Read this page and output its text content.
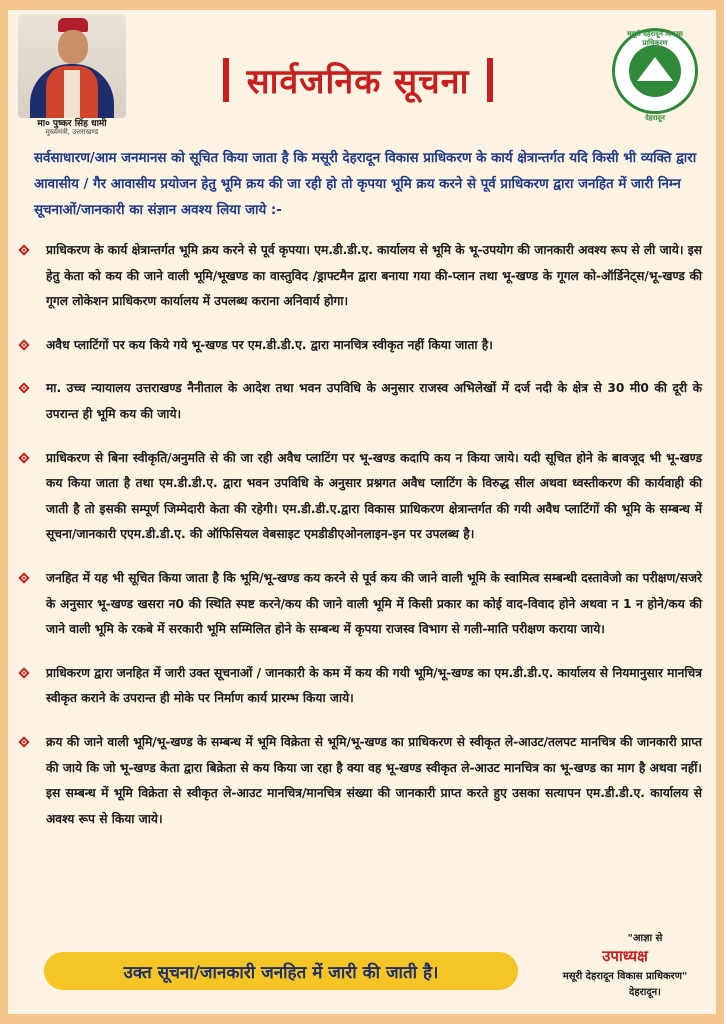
मा० पुष्कर सिंह धामी
मुख्यमंत्री, उत्तराखण्ड
सार्वजनिक सूचना
मसूरी देहरादून विकास प्राधिकरण
देहरादून

सर्वसाधारण/आम जनमानस को सूचित किया जाता है कि मसूरी देहरादून विकास प्राधिकरण के कार्य क्षेत्रान्तर्गत यदि किसी भी व्यक्ति द्वारा आवासीय / गैर आवासीय प्रयोजन हेतु भूमि क्रय की जा रही हो तो कृपया भूमि क्रय करने से पूर्व प्राधिकरण द्वारा जनहित में जारी निम्न सूचनाओं/जानकारी का संज्ञान अवश्य लिया जाये :-

प्राधिकरण के कार्य क्षेत्रान्तर्गत भूमि क्रय करने से पूर्व कृपया। एम.डी.डी.ए. कार्यालय से भूमि के भू-उपयोग की जानकारी अवश्य रूप से ली जाये। इस हेतु केता को कय की जाने वाली भूमि/भूखण्ड का वास्तुविद /ड्राफ्टमैन द्वारा बनाया गया की-प्लान तथा भू-खण्ड के गूगल को-ऑर्डिनेट्स/भू-खण्ड की गूगल लोकेशन प्राधिकरण कार्यालय में उपलब्ध कराना अनिवार्य होगा।
अवैध प्लाटिंगों पर कय किये गये भू-खण्ड पर एम.डी.डी.ए. द्वारा मानचित्र स्वीकृत नहीं किया जाता है।
मा. उच्च न्यायालय उत्तराखण्ड नैनीताल के आदेश तथा भवन उपविधि के अनुसार राजस्व अभिलेखों में दर्ज नदी के क्षेत्र से 30 मी0 की दूरी के उपरान्त ही भूमि कय की जाये।
प्राधिकरण से बिना स्वीकृति/अनुमति से की जा रही अवैध प्लाटिंग पर भू-खण्ड कदापि कय न किया जाये। यदी सूचित होने के बावजूद भी भू-खण्ड कय किया जाता है तथा एम.डी.डी.ए. द्वारा भवन उपविधि के अनुसार प्रश्नगत अवैध प्लाटिंग के विरुद्ध सील अथवा ध्वस्तीकरण की कार्यवाही की जाती है तो इसकी सम्पूर्ण जिम्मेदारी केता की रहेगी। एम.डी.डी.ए.द्वारा विकास प्राधिकरण क्षेत्रान्तर्गत की गयी अवैध प्लाटिंगों की भूमि के सम्बन्ध में सूचना/जानकारी एएम.डी.डी.ए. की ऑफिसियल वेबसाइट एमडीडीएओनलाइन-इन पर उपलब्ध है।
जनहित में यह भी सूचित किया जाता है कि भूमि/भू-खण्ड कय करने से पूर्व कय की जाने वाली भूमि के स्वामित्व सम्बन्धी दस्तावेजो का परीक्षण/सजरे के अनुसार भू-खण्ड खसरा न0 की स्थिति स्पष्ट करने/कय की जाने वाली भूमि में किसी प्रकार का कोई वाद-विवाद होने अथवा न 1 न होने/कय की जाने वाली भूमि के रकबे में सरकारी भूमि सम्मिलित होने के सम्बन्ध में कृपया राजस्व विभाग से गली-माति परीक्षण कराया जाये।
प्राधिकरण द्वारा जनहित में जारी उक्त सूचनाओं / जानकारी के कम में कय की गयी भूमि/भू-खण्ड का एम.डी.डी.ए. कार्यालय से नियमानुसार मानचित्र स्वीकृत कराने के उपरान्त ही मोके पर निर्माण कार्य प्रारम्भ किया जाये।
क्रय की जाने वाली भूमि/भू-खण्ड के सम्बन्ध में भूमि विक्रेता से भूमि/भू-खण्ड का प्राधिकरण से स्वीकृत ले-आउट/तलपट मानचित्र की जानकारी प्राप्त की जाये कि जो भू-खण्ड केता द्वारा बिक्रेता से कय किया जा रहा है क्या वह भू-खण्ड स्वीकृत ले-आउट मानचित्र का भू-खण्ड का माग है अथवा नहीं। इस सम्बन्ध में भूमि विक्रेता से स्वीकृत ले-आउट मानचित्र/मानचित्र संख्या की जानकारी प्राप्त करते हुए उसका सत्यापन एम.डी.डी.ए. कार्यालय से अवश्य रूप से किया जाये।
उक्त सूचना/जानकारी जनहित में जारी की जाती है।
"आज्ञा से
उपाध्यक्ष
मसूरी देहरादून विकास प्राधिकरण"
देहरादून।
